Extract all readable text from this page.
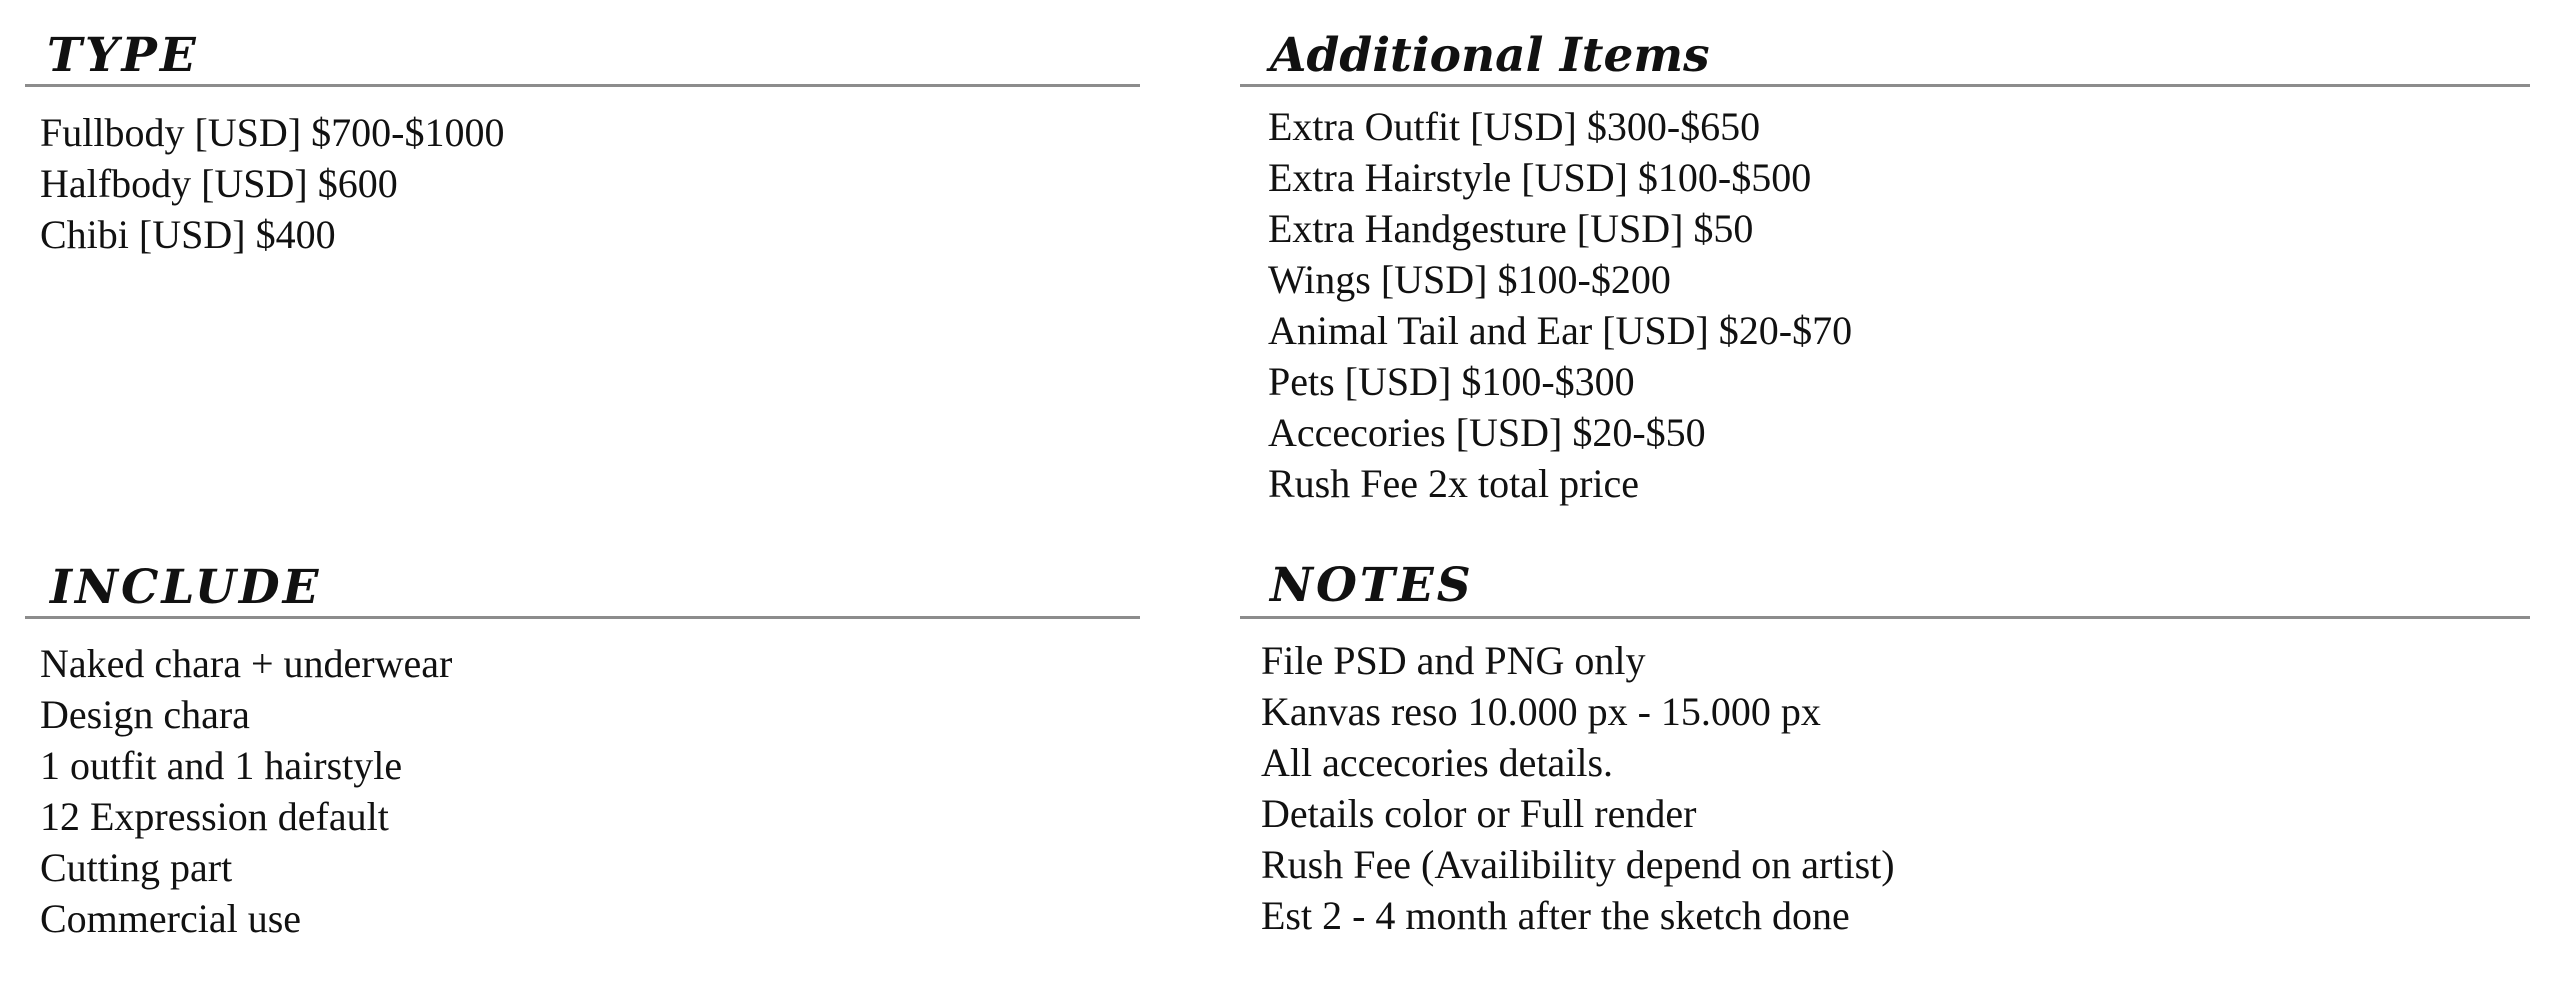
TYPE
Fullbody [USD] $700-$1000
Halfbody [USD] $600
Chibi [USD] $400
Additional Items
Extra Outfit [USD] $300-$650
Extra Hairstyle [USD] $100-$500
Extra Handgesture [USD] $50
Wings [USD] $100-$200
Animal Tail and Ear [USD] $20-$70
Pets [USD] $100-$300
Accecories [USD] $20-$50
Rush Fee 2x total price
INCLUDE
Naked chara + underwear
Design chara
1 outfit and 1 hairstyle
12 Expression default
Cutting part
Commercial use
NOTES
File PSD and PNG only
Kanvas reso 10.000 px - 15.000 px
All accecories details.
Details color or Full render
Rush Fee (Availibility depend on artist)
Est 2 - 4 month after the sketch done
